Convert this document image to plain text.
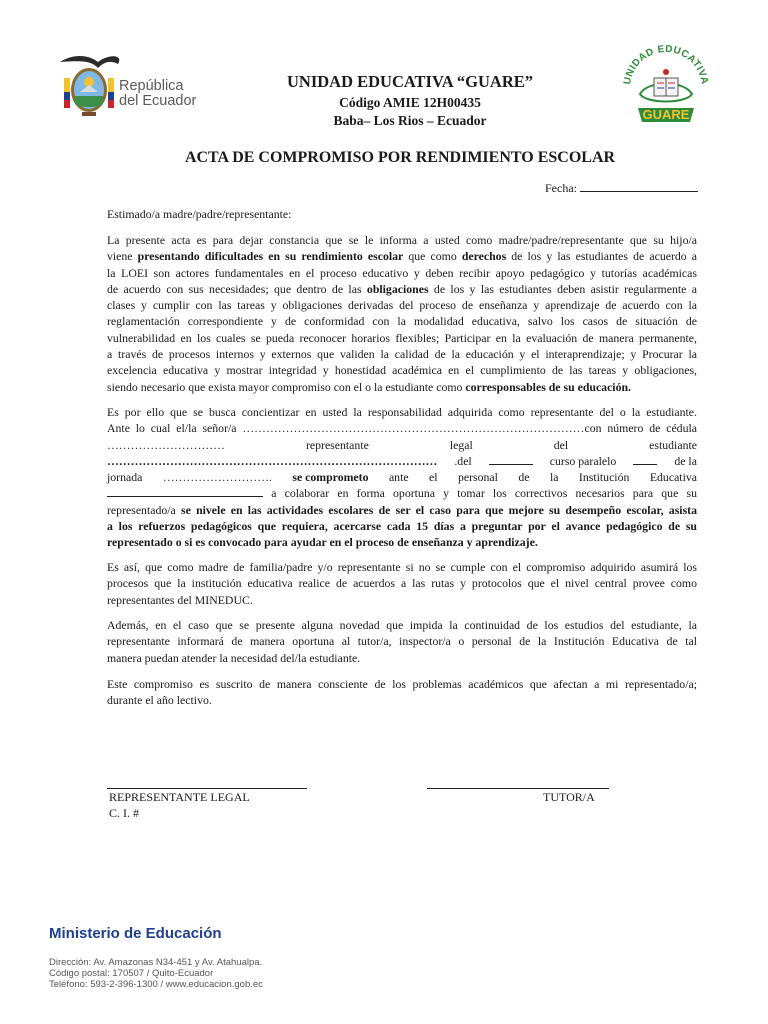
República
del Ecuador
UNIDAD EDUCATIVA
GUARE
UNIDAD EDUCATIVA “GUARE”
Código AMIE 12H00435
Baba– Los Rios – Ecuador
ACTA DE COMPROMISO POR RENDIMIENTO ESCOLAR
Fecha:
Estimado/a madre/padre/representante:
La presente acta es para dejar constancia que se le informa a usted como madre/padre/representante que su hijo/a
viene presentando dificultades en su rendimiento escolar que como derechos de los y las estudiantes de acuerdo a
la LOEI son actores fundamentales en el proceso educativo y deben recibir apoyo pedagógico y tutorías académicas
de acuerdo con sus necesidades; que dentro de las obligaciones de los y las estudiantes deben asistir regularmente a
clases y cumplir con las tareas y obligaciones derivadas del proceso de enseñanza y aprendizaje de acuerdo con la
reglamentación correspondiente y de conformidad con la modalidad educativa, salvo los casos de situación de
vulnerabilidad en los cuales se pueda reconocer horarios flexibles; Participar en la evaluación de manera permanente,
a través de procesos internos y externos que validen la calidad de la educación y el interaprendizaje; y Procurar la
excelencia educativa y mostrar integridad y honestidad académica en el cumplimiento de las tareas y obligaciones,
siendo necesario que exista mayor compromiso con el o la estudiante como corresponsables de su educación.
Es por ello que se busca concientizar en usted la responsabilidad adquirida como representante del o la estudiante.
Ante lo cual el/la señor/a ……………………………………………………………………………con número de cédula
…………………………	representante	legal	del	estudiante
………………………………………………………………………… .del	curso paralelo	de la
jornada ………………………. se comprometo ante el personal de la Institución Educativa
a colaborar en forma oportuna y tomar los correctivos necesarios para que su
representado/a se nivele en las actividades escolares de ser el caso para que mejore su desempeño escolar, asista
a los refuerzos pedagógicos que requiera, acercarse cada 15 días a preguntar por el avance pedagógico de su
representado o si es convocado para ayudar en el proceso de enseñanza y aprendizaje.
Es así, que como madre de familia/padre y/o representante si no se cumple con el compromiso adquirido asumirá los
procesos que la institución educativa realice de acuerdos a las rutas y protocolos que el nivel central provee como
representantes del MINEDUC.
Además, en el caso que se presente alguna novedad que impida la continuidad de los estudios del estudiante, la
representante informará de manera oportuna al tutor/a, inspector/a o personal de la Institución Educativa de tal
manera puedan atender la necesidad del/la estudiante.
Este compromiso es suscrito de manera consciente de los problemas académicos que afectan a mi representado/a;
durante el año lectivo.
REPRESENTANTE LEGAL
C. I. #
TUTOR/A
Ministerio de Educación
Dirección: Av. Amazonas N34-451 y Av. Atahualpa.
Código postal: 170507 / Quito-Ecuador
Teléfono: 593-2-396-1300 / www.educacion.gob.ec
